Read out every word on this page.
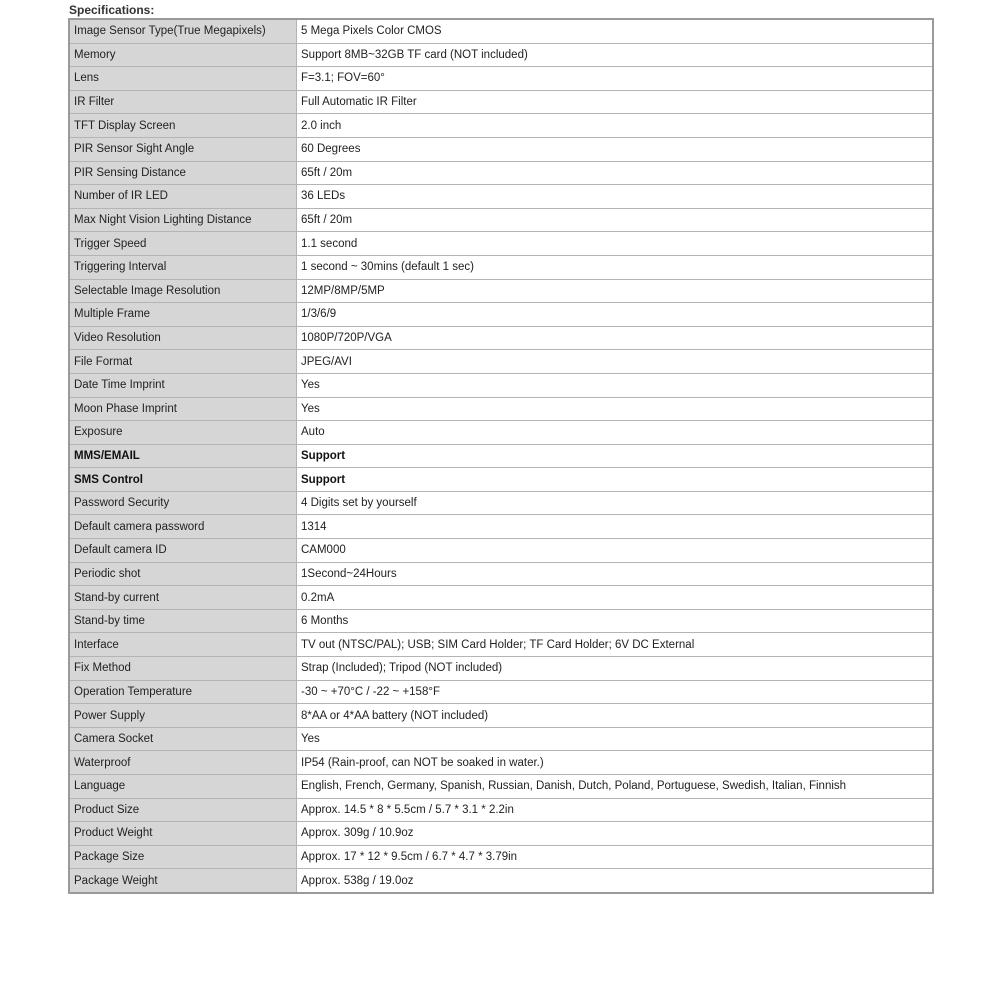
Specifications:
Image Sensor Type(True Megapixels)	5 Mega Pixels Color CMOS
Memory	Support 8MB~32GB TF card (NOT included)
Lens	F=3.1; FOV=60°
IR Filter	Full Automatic IR Filter
TFT Display Screen	2.0 inch
PIR Sensor Sight Angle	60 Degrees
PIR Sensing Distance	65ft / 20m
Number of IR LED	36 LEDs
Max Night Vision Lighting Distance	65ft / 20m
Trigger Speed	1.1 second
Triggering Interval	1 second ~ 30mins (default 1 sec)
Selectable Image Resolution	12MP/8MP/5MP
Multiple Frame	1/3/6/9
Video Resolution	1080P/720P/VGA
File Format	JPEG/AVI
Date Time Imprint	Yes
Moon Phase Imprint	Yes
Exposure	Auto
MMS/EMAIL	Support
SMS Control	Support
Password Security	4 Digits set by yourself
Default camera password	1314
Default camera ID	CAM000
Periodic shot	1Second~24Hours
Stand-by current	0.2mA
Stand-by time	6 Months
Interface	TV out (NTSC/PAL); USB; SIM Card Holder; TF Card Holder; 6V DC External
Fix Method	Strap (Included); Tripod (NOT included)
Operation Temperature	-30 ~ +70°C / -22 ~ +158°F
Power Supply	8*AA or 4*AA battery (NOT included)
Camera Socket	Yes
Waterproof	IP54 (Rain-proof, can NOT be soaked in water.)
Language	English, French, Germany, Spanish, Russian, Danish, Dutch, Poland, Portuguese, Swedish, Italian, Finnish
Product Size	Approx. 14.5 * 8 * 5.5cm / 5.7 * 3.1 * 2.2in
Product Weight	Approx. 309g / 10.9oz
Package Size	Approx. 17 * 12 * 9.5cm / 6.7 * 4.7 * 3.79in
Package Weight	Approx. 538g / 19.0oz
